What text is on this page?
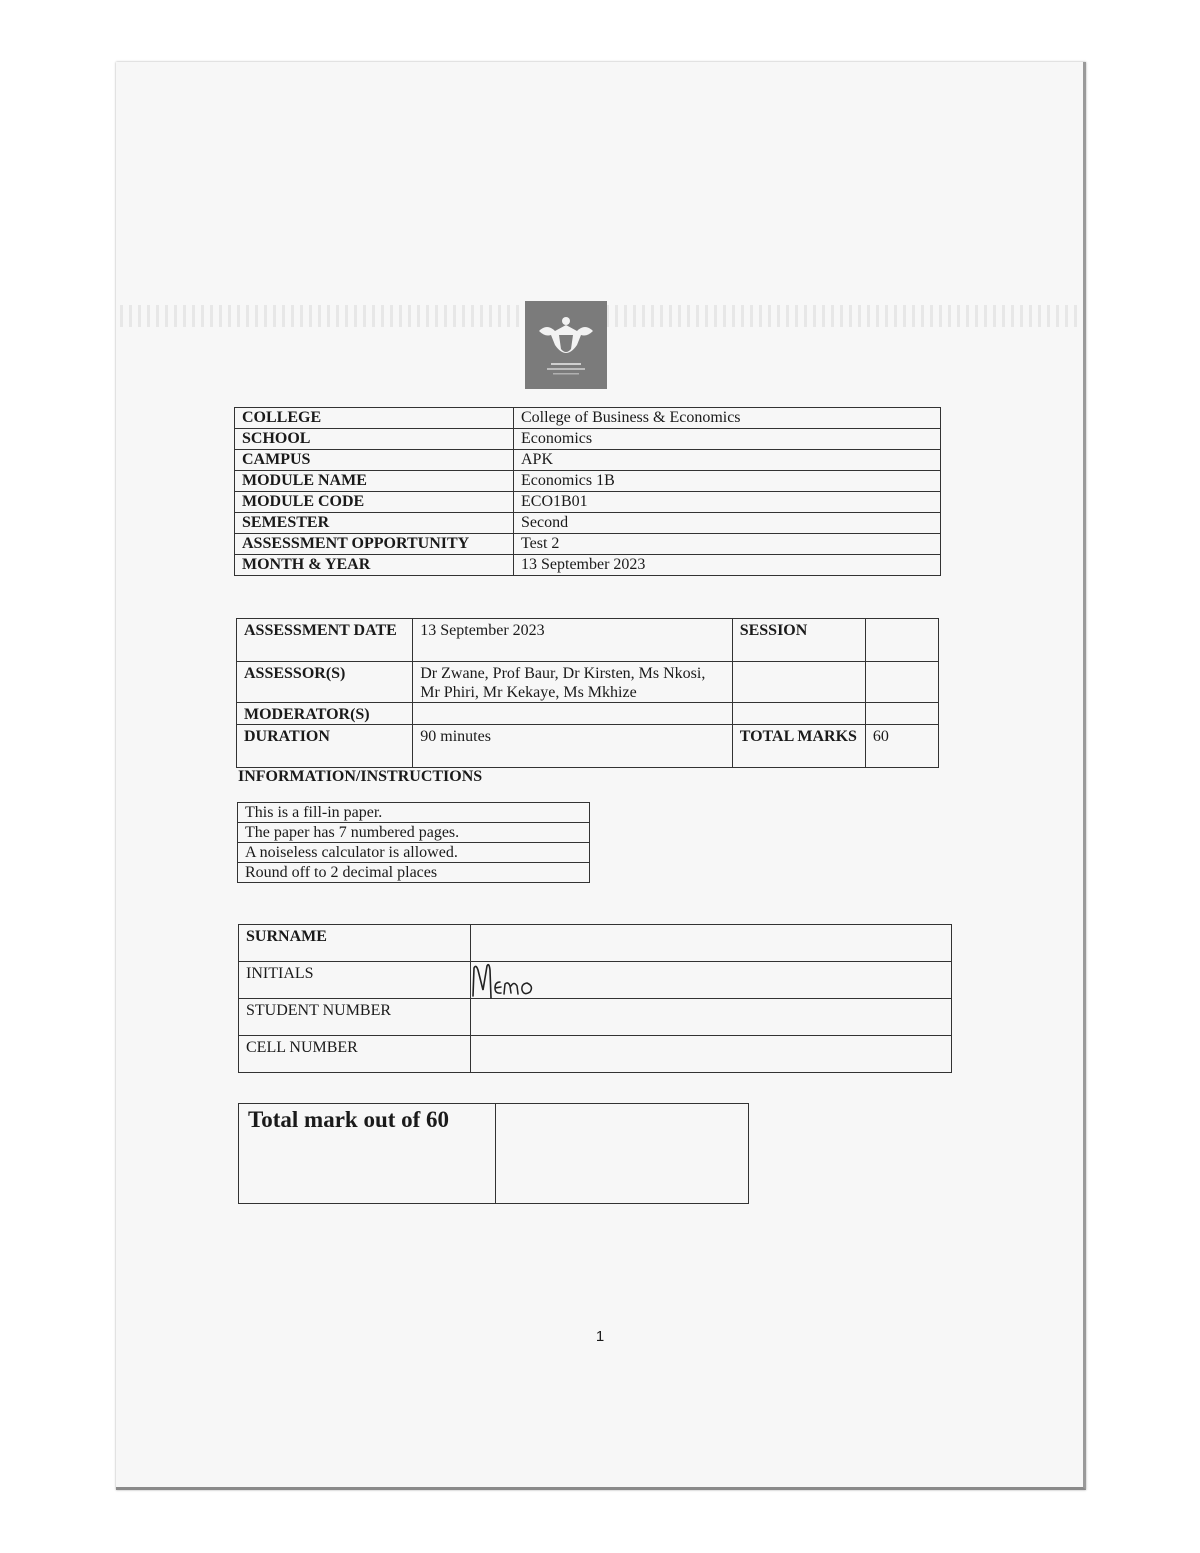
COLLEGE	College of Business & Economics
SCHOOL	Economics
CAMPUS	APK
MODULE NAME	Economics 1B
MODULE CODE	ECO1B01
SEMESTER	Second
ASSESSMENT OPPORTUNITY	Test 2
MONTH & YEAR	13 September 2023
ASSESSMENT DATE	13 September 2023	SESSION	
ASSESSOR(S)	Dr Zwane, Prof Baur, Dr Kirsten, Ms Nkosi, Mr Phiri, Mr Kekaye, Ms Mkhize		
MODERATOR(S)			
DURATION	90 minutes	TOTAL MARKS	60
INFORMATION/INSTRUCTIONS
This is a fill-in paper.
The paper has 7 numbered pages.
A noiseless calculator is allowed.
Round off to 2 decimal places
SURNAME	
INITIALS	

STUDENT NUMBER	
CELL NUMBER	
Total mark out of 60	
1
